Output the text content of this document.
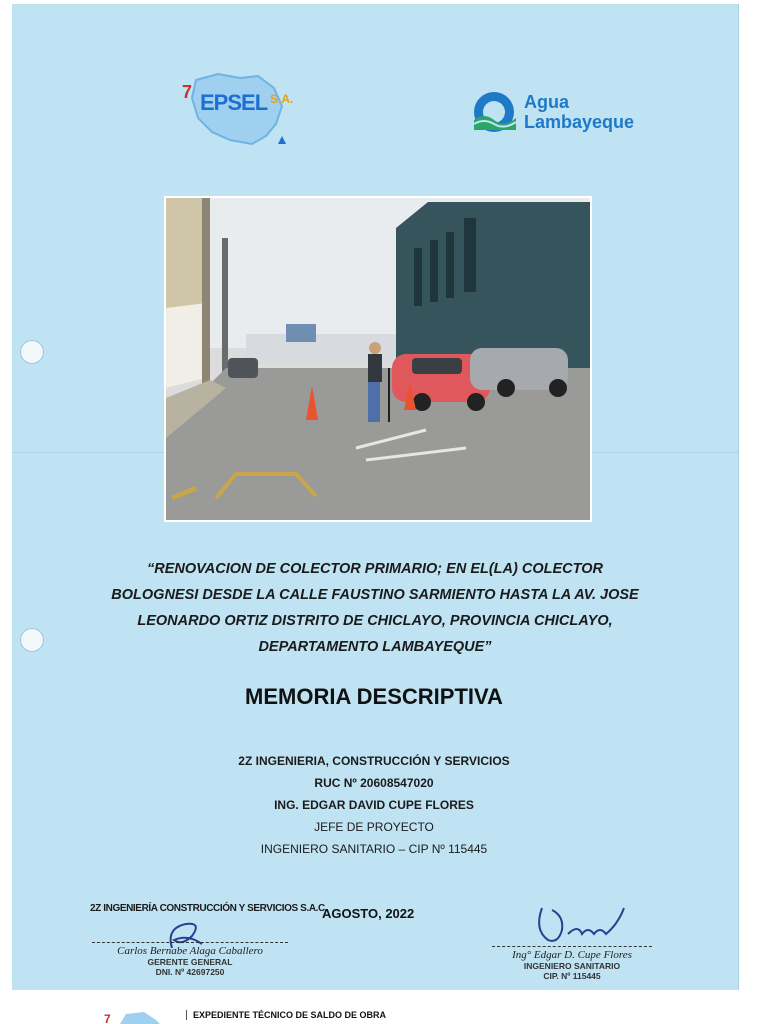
7 EPSEL S.A.	Agua
Lambayeque
“RENOVACION DE COLECTOR PRIMARIO; EN EL(LA) COLECTOR
BOLOGNESI DESDE LA CALLE FAUSTINO SARMIENTO HASTA LA AV. JOSE
LEONARDO ORTIZ DISTRITO DE CHICLAYO, PROVINCIA CHICLAYO,
DEPARTAMENTO LAMBAYEQUE”
MEMORIA DESCRIPTIVA
2Z INGENIERIA, CONSTRUCCIÓN Y SERVICIOS
RUC Nº 20608547020
ING. EDGAR DAVID CUPE FLORES
JEFE DE PROYECTO
INGENIERO SANITARIO – CIP Nº 115445
2Z INGENIERÍA CONSTRUCCIÓN Y SERVICIOS S.A.C.
AGOSTO, 2022
Carlos Bernabe Alaga Caballero
GERENTE GENERAL
DNI. Nº 42697250
Ing° Edgar D. Cupe Flores
INGENIERO SANITARIO
CIP. Nº 115445
7	EXPEDIENTE TÉCNICO DE SALDO DE OBRA
